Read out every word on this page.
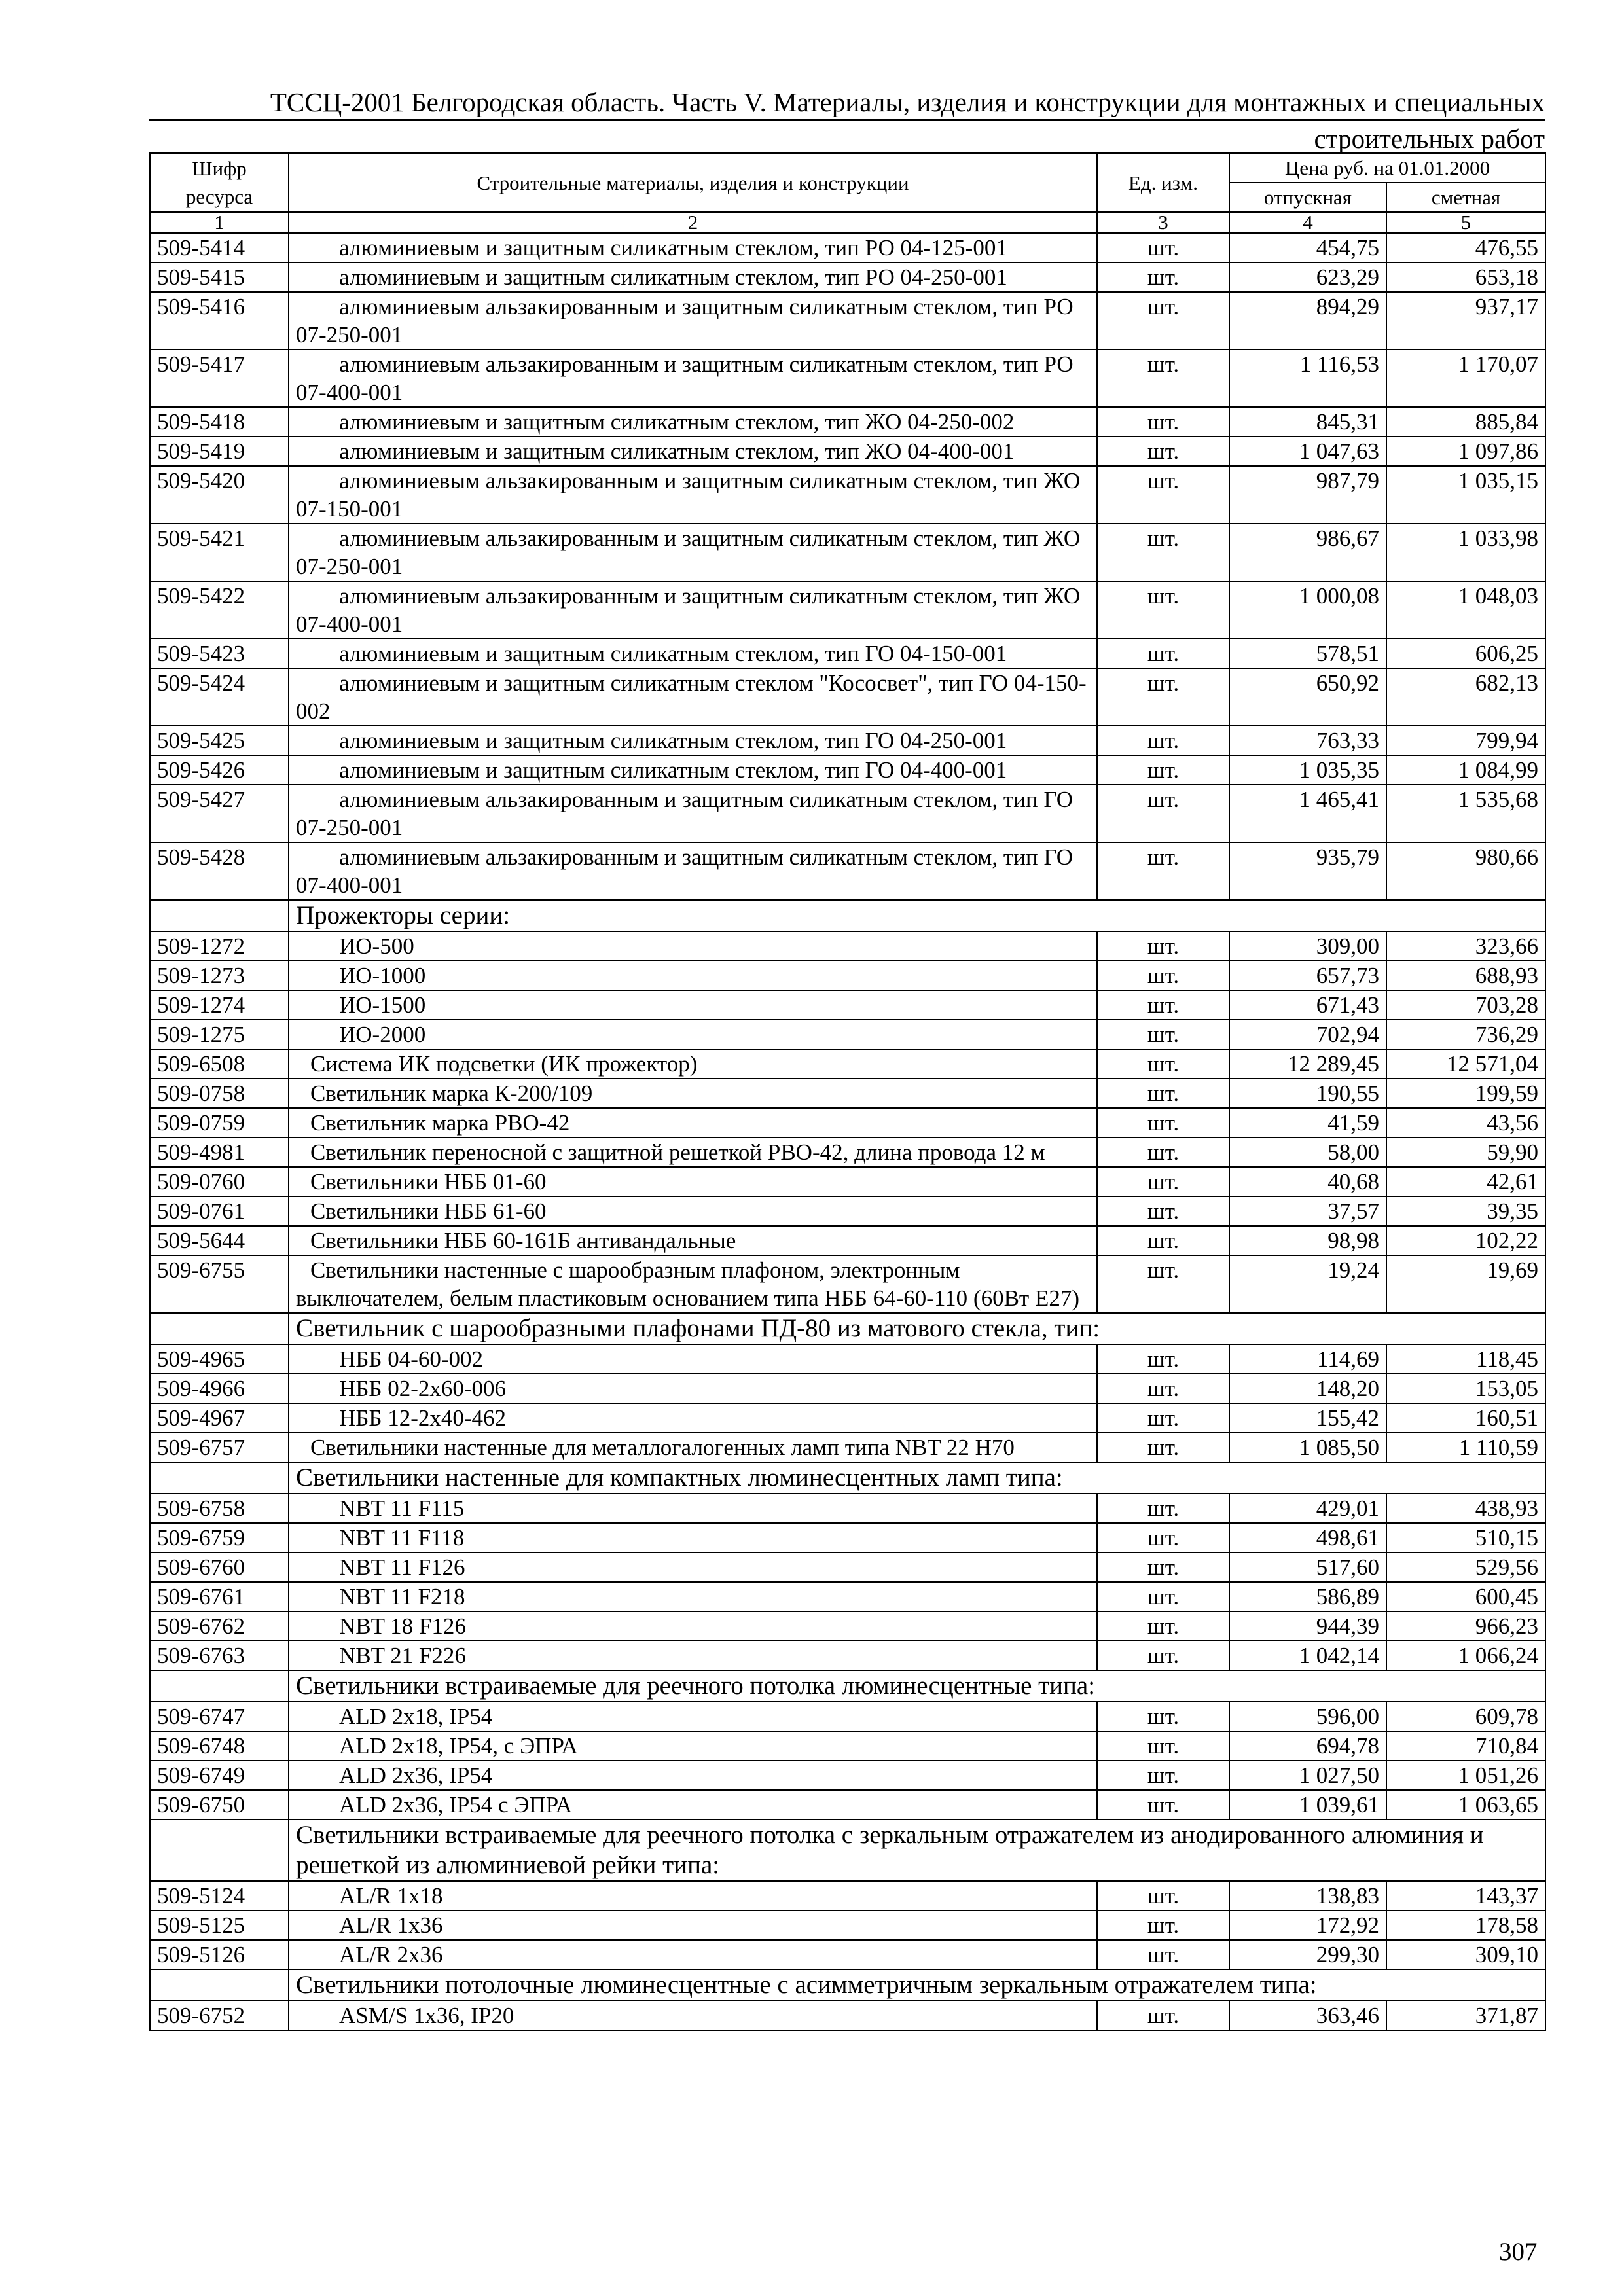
ТССЦ-2001 Белгородская область. Часть V. Материалы, изделия и конструкции для монтажных и специальных
строительных работ
Шифр ресурса	Строительные материалы, изделия и конструкции	Ед. изм.	Цена руб. на 01.01.2000	
			отпускная	сметная
1	2	3	4	5
509-5414	алюминиевым и защитным силикатным стеклом, тип РО 04-125-001	шт.	454,75	476,55
509-5415	алюминиевым и защитным силикатным стеклом, тип РО 04-250-001	шт.	623,29	653,18
509-5416	алюминиевым альзакированным и защитным силикатным стеклом, тип РО 07-250-001	шт.	894,29	937,17
509-5417	алюминиевым альзакированным и защитным силикатным стеклом, тип РО 07-400-001	шт.	1 116,53	1 170,07
509-5418	алюминиевым и защитным силикатным стеклом, тип ЖО 04-250-002	шт.	845,31	885,84
509-5419	алюминиевым и защитным силикатным стеклом, тип ЖО 04-400-001	шт.	1 047,63	1 097,86
509-5420	алюминиевым альзакированным и защитным силикатным стеклом, тип ЖО 07-150-001	шт.	987,79	1 035,15
509-5421	алюминиевым альзакированным и защитным силикатным стеклом, тип ЖО 07-250-001	шт.	986,67	1 033,98
509-5422	алюминиевым альзакированным и защитным силикатным стеклом, тип ЖО 07-400-001	шт.	1 000,08	1 048,03
509-5423	алюминиевым и защитным силикатным стеклом, тип ГО 04-150-001	шт.	578,51	606,25
509-5424	алюминиевым и защитным силикатным стеклом "Кососвет", тип ГО 04-150-002	шт.	650,92	682,13
509-5425	алюминиевым и защитным силикатным стеклом, тип ГО 04-250-001	шт.	763,33	799,94
509-5426	алюминиевым и защитным силикатным стеклом, тип ГО 04-400-001	шт.	1 035,35	1 084,99
509-5427	алюминиевым альзакированным и защитным силикатным стеклом, тип ГО 07-250-001	шт.	1 465,41	1 535,68
509-5428	алюминиевым альзакированным и защитным силикатным стеклом, тип ГО 07-400-001	шт.	935,79	980,66
	Прожекторы серии:			
509-1272	ИО-500	шт.	309,00	323,66
509-1273	ИО-1000	шт.	657,73	688,93
509-1274	ИО-1500	шт.	671,43	703,28
509-1275	ИО-2000	шт.	702,94	736,29
509-6508	Система ИК подсветки (ИК прожектор)	шт.	12 289,45	12 571,04
509-0758	Светильник марка К-200/109	шт.	190,55	199,59
509-0759	Светильник марка РВО-42	шт.	41,59	43,56
509-4981	Светильник переносной с защитной решеткой РВО-42, длина провода 12 м	шт.	58,00	59,90
509-0760	Светильники НББ 01-60	шт.	40,68	42,61
509-0761	Светильники НББ 61-60	шт.	37,57	39,35
509-5644	Светильники НББ 60-161Б антивандальные	шт.	98,98	102,22
509-6755	Светильники настенные с шарообразным плафоном, электронным выключателем, белым пластиковым основанием типа НББ 64-60-110 (60Вт Е27)	шт.	19,24	19,69
	Светильник с шарообразными плафонами ПД-80 из матового стекла, тип:			
509-4965	НББ 04-60-002	шт.	114,69	118,45
509-4966	НББ 02-2х60-006	шт.	148,20	153,05
509-4967	НББ 12-2х40-462	шт.	155,42	160,51
509-6757	Светильники настенные для металлогалогенных ламп типа NBT 22 H70	шт.	1 085,50	1 110,59
	Светильники настенные для компактных люминесцентных ламп типа:			
509-6758	NBT 11 F115	шт.	429,01	438,93
509-6759	NBT 11 F118	шт.	498,61	510,15
509-6760	NBT 11 F126	шт.	517,60	529,56
509-6761	NBT 11 F218	шт.	586,89	600,45
509-6762	NBT 18 F126	шт.	944,39	966,23
509-6763	NBT 21 F226	шт.	1 042,14	1 066,24
	Светильники встраиваемые для реечного потолка люминесцентные типа:			
509-6747	ALD 2х18, IP54	шт.	596,00	609,78
509-6748	ALD 2х18, IP54, с ЭПРА	шт.	694,78	710,84
509-6749	ALD 2х36, IP54	шт.	1 027,50	1 051,26
509-6750	ALD 2х36, IP54 с ЭПРА	шт.	1 039,61	1 063,65
	Светильники встраиваемые для реечного потолка с зеркальным отражателем из анодированного алюминия и решеткой из алюминиевой рейки типа:			
509-5124	AL/R 1х18	шт.	138,83	143,37
509-5125	AL/R 1х36	шт.	172,92	178,58
509-5126	AL/R 2х36	шт.	299,30	309,10
	Светильники потолочные люминесцентные с асимметричным зеркальным отражателем типа:			
509-6752	ASM/S 1х36, IP20	шт.	363,46	371,87
307
